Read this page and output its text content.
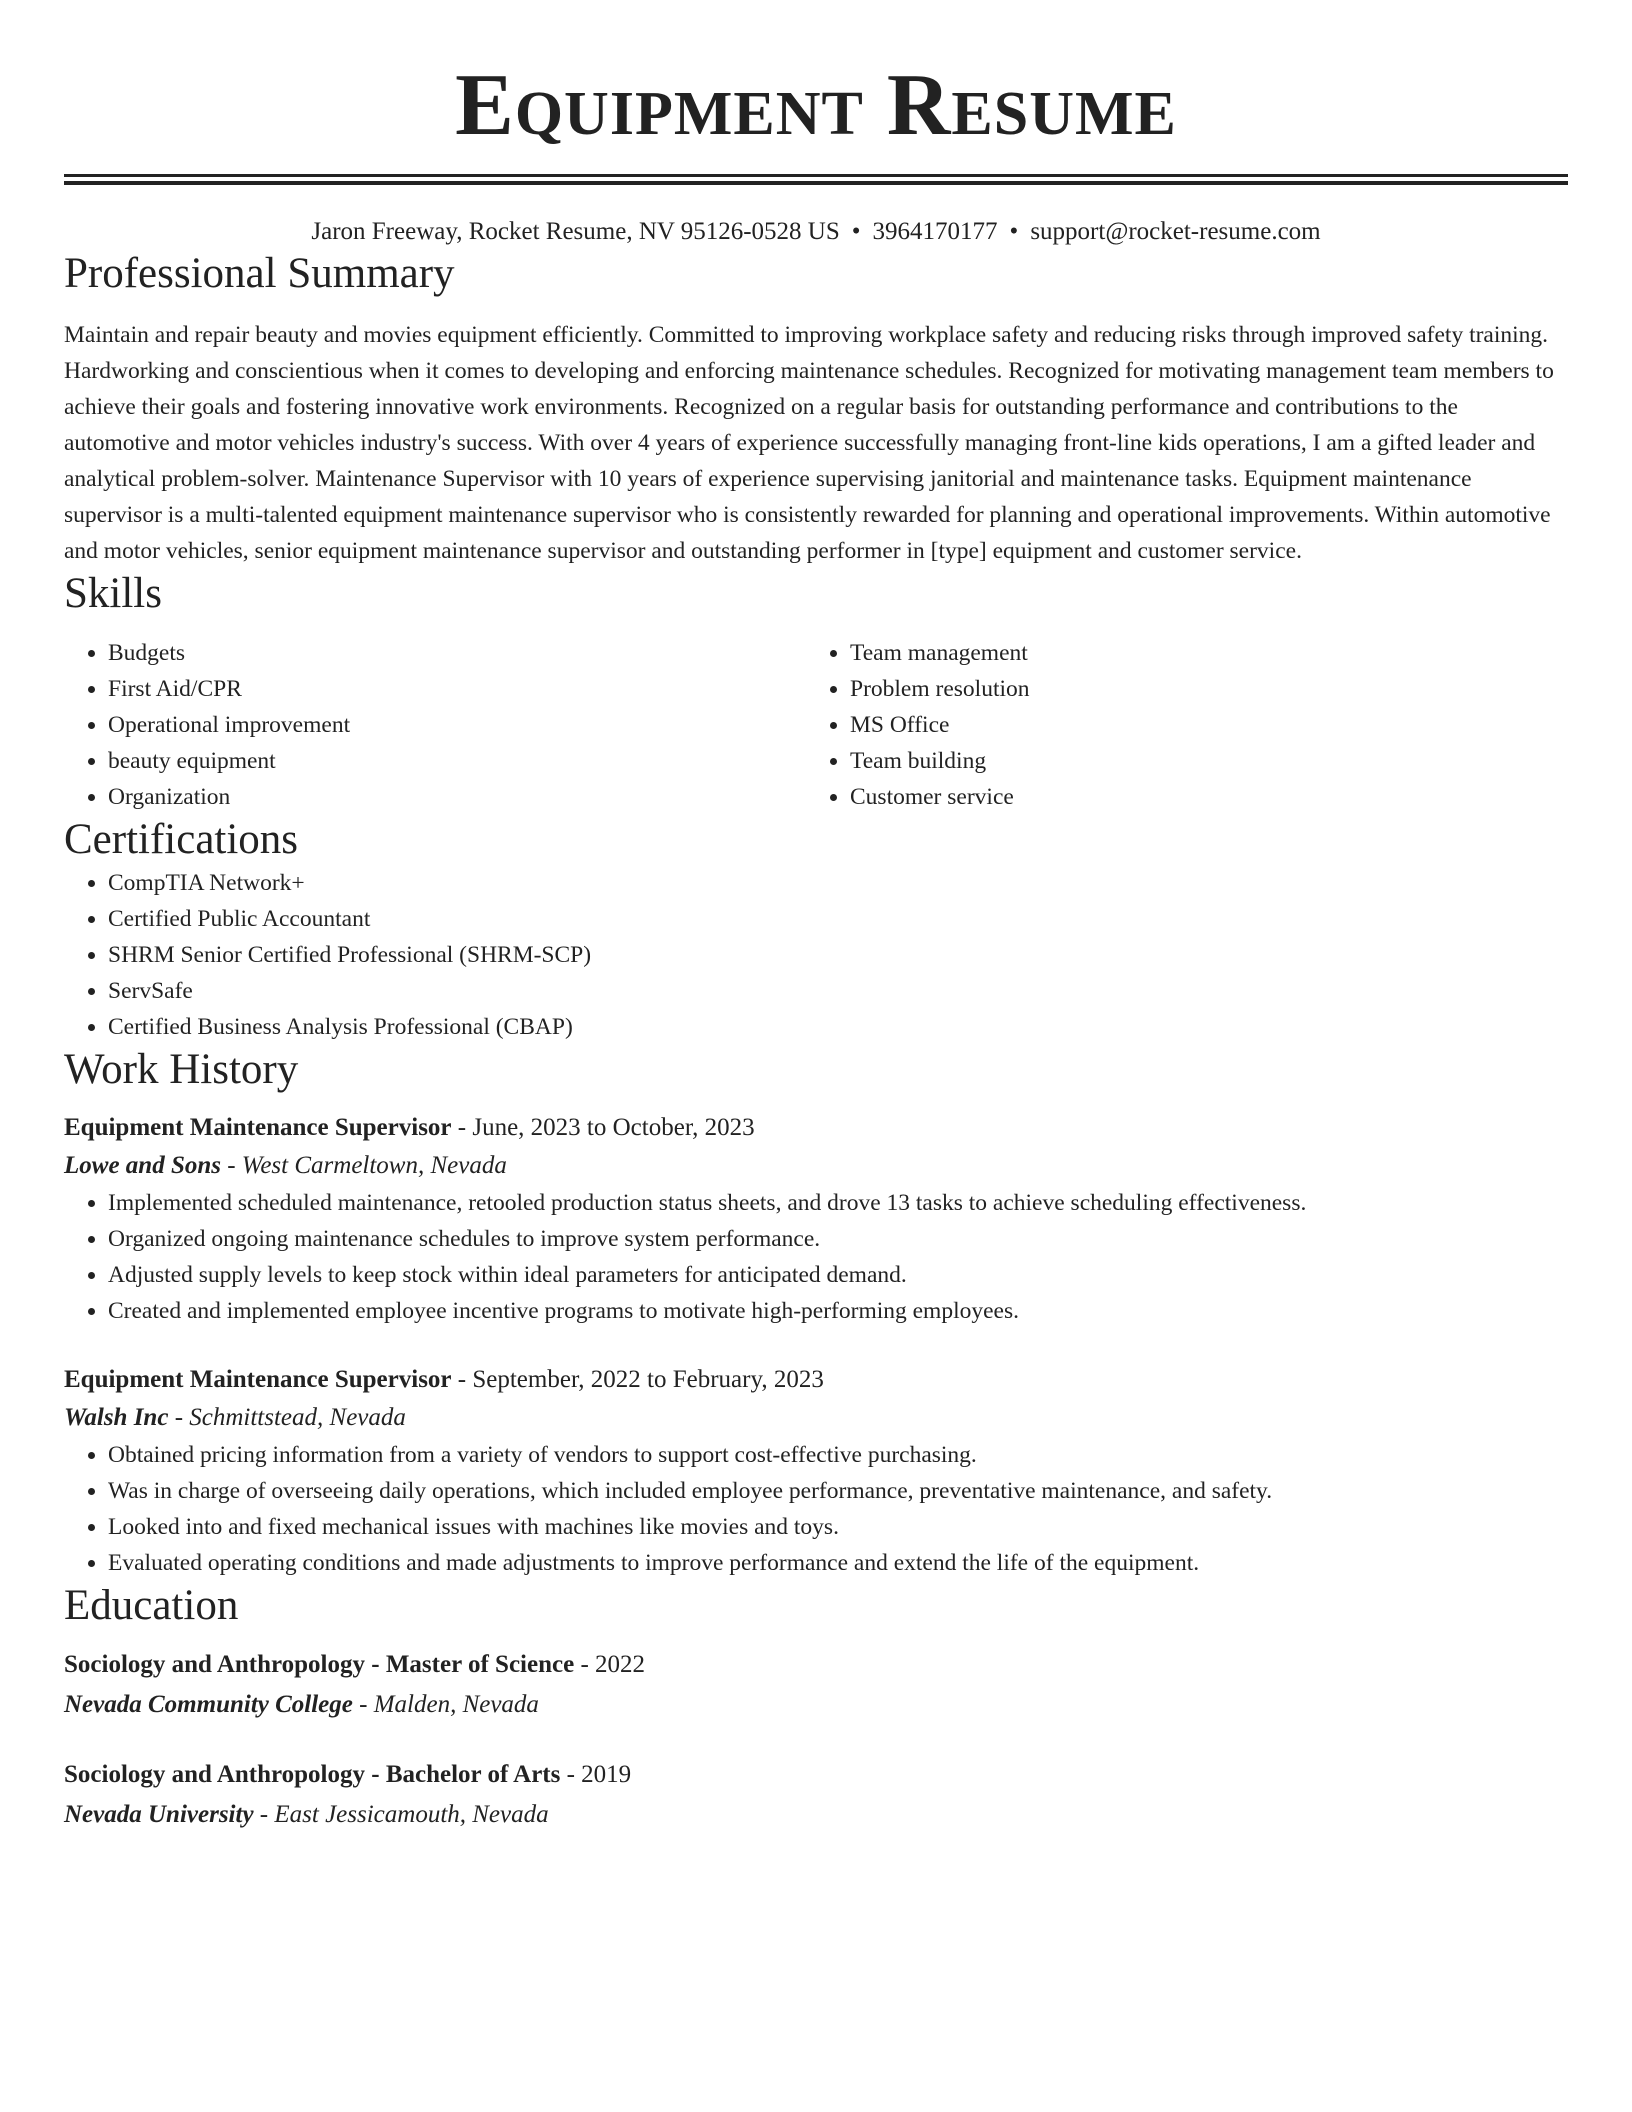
Equipment Resume
Jaron Freeway, Rocket Resume, NV 95126-0528 US • 3964170177 • support@rocket-resume.com
Professional Summary

Maintain and repair beauty and movies equipment efficiently. Committed to improving workplace safety and reducing risks through improved safety training. Hardworking and conscientious when it comes to developing and enforcing maintenance schedules. Recognized for motivating management team members to achieve their goals and fostering innovative work environments. Recognized on a regular basis for outstanding performance and contributions to the automotive and motor vehicles industry's success. With over 4 years of experience successfully managing front-line kids operations, I am a gifted leader and analytical problem-solver. Maintenance Supervisor with 10 years of experience supervising janitorial and maintenance tasks. Equipment maintenance supervisor is a multi-talented equipment maintenance supervisor who is consistently rewarded for planning and operational improvements. Within automotive and motor vehicles, senior equipment maintenance supervisor and outstanding performer in [type] equipment and customer service.

Skills
• Budgets
• First Aid/CPR
• Operational improvement
• beauty equipment
• Organization
• Team management
• Problem resolution
• MS Office
• Team building
• Customer service
Certifications
• CompTIA Network+
• Certified Public Accountant
• SHRM Senior Certified Professional (SHRM-SCP)
• ServSafe
• Certified Business Analysis Professional (CBAP)
Work History
Equipment Maintenance Supervisor - June, 2023 to October, 2023
Lowe and Sons - West Carmeltown, Nevada
• Implemented scheduled maintenance, retooled production status sheets, and drove 13 tasks to achieve scheduling effectiveness.
• Organized ongoing maintenance schedules to improve system performance.
• Adjusted supply levels to keep stock within ideal parameters for anticipated demand.
• Created and implemented employee incentive programs to motivate high-performing employees.
Equipment Maintenance Supervisor - September, 2022 to February, 2023
Walsh Inc - Schmittstead, Nevada
• Obtained pricing information from a variety of vendors to support cost-effective purchasing.
• Was in charge of overseeing daily operations, which included employee performance, preventative maintenance, and safety.
• Looked into and fixed mechanical issues with machines like movies and toys.
• Evaluated operating conditions and made adjustments to improve performance and extend the life of the equipment.
Education
Sociology and Anthropology - Master of Science - 2022
Nevada Community College - Malden, Nevada
Sociology and Anthropology - Bachelor of Arts - 2019
Nevada University - East Jessicamouth, Nevada
